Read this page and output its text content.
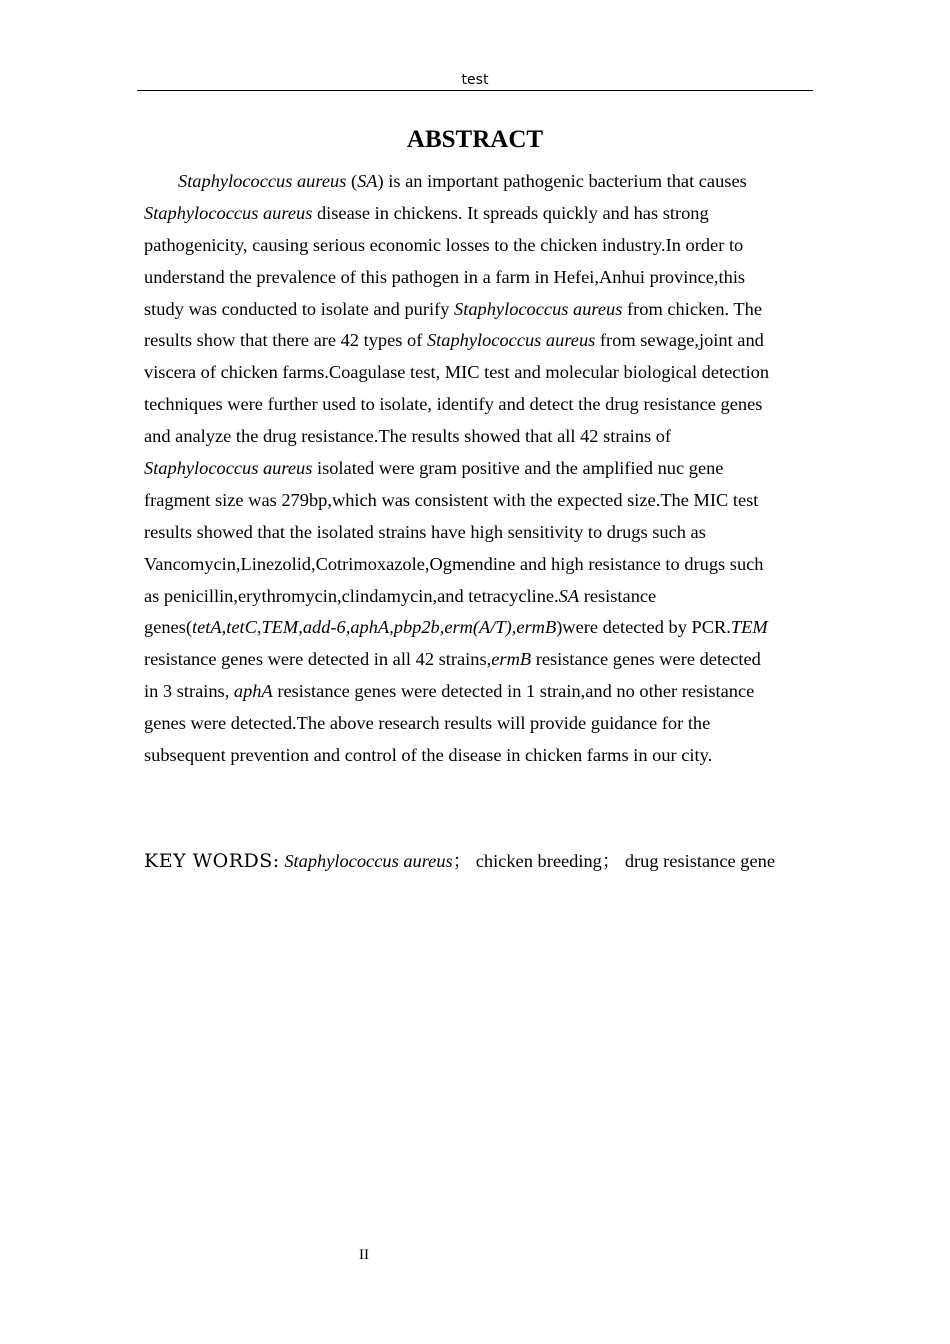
test
ABSTRACT
Staphylococcus aureus (SA) is an important pathogenic bacterium that causes
Staphylococcus aureus disease in chickens. It spreads quickly and has strong
pathogenicity, causing serious economic losses to the chicken industry.In order to
understand the prevalence of this pathogen in a farm in Hefei,Anhui province,this
study was conducted to isolate and purify Staphylococcus aureus from chicken. The
results show that there are 42 types of Staphylococcus aureus from sewage,joint and
viscera of chicken farms.Coagulase test, MIC test and molecular biological detection
techniques were further used to isolate, identify and detect the drug resistance genes
and analyze the drug resistance.The results showed that all 42 strains of
Staphylococcus aureus isolated were gram positive and the amplified nuc gene
fragment size was 279bp,which was consistent with the expected size.The MIC test
results showed that the isolated strains have high sensitivity to drugs such as
Vancomycin,Linezolid,Cotrimoxazole,Ogmendine and high resistance to drugs such
as penicillin,erythromycin,clindamycin,and tetracycline.SA resistance
genes(tetA,tetC,TEM,add-6,aphA,pbp2b,erm(A/T),ermB)were detected by PCR.TEM
resistance genes were detected in all 42 strains,ermB resistance genes were detected
in 3 strains, aphA resistance genes were detected in 1 strain,and no other resistance
genes were detected.The above research results will provide guidance for the
subsequent prevention and control of the disease in chicken farms in our city.
KEY WORDS: Staphylococcus aureus； chicken breeding； drug resistance gene
II
